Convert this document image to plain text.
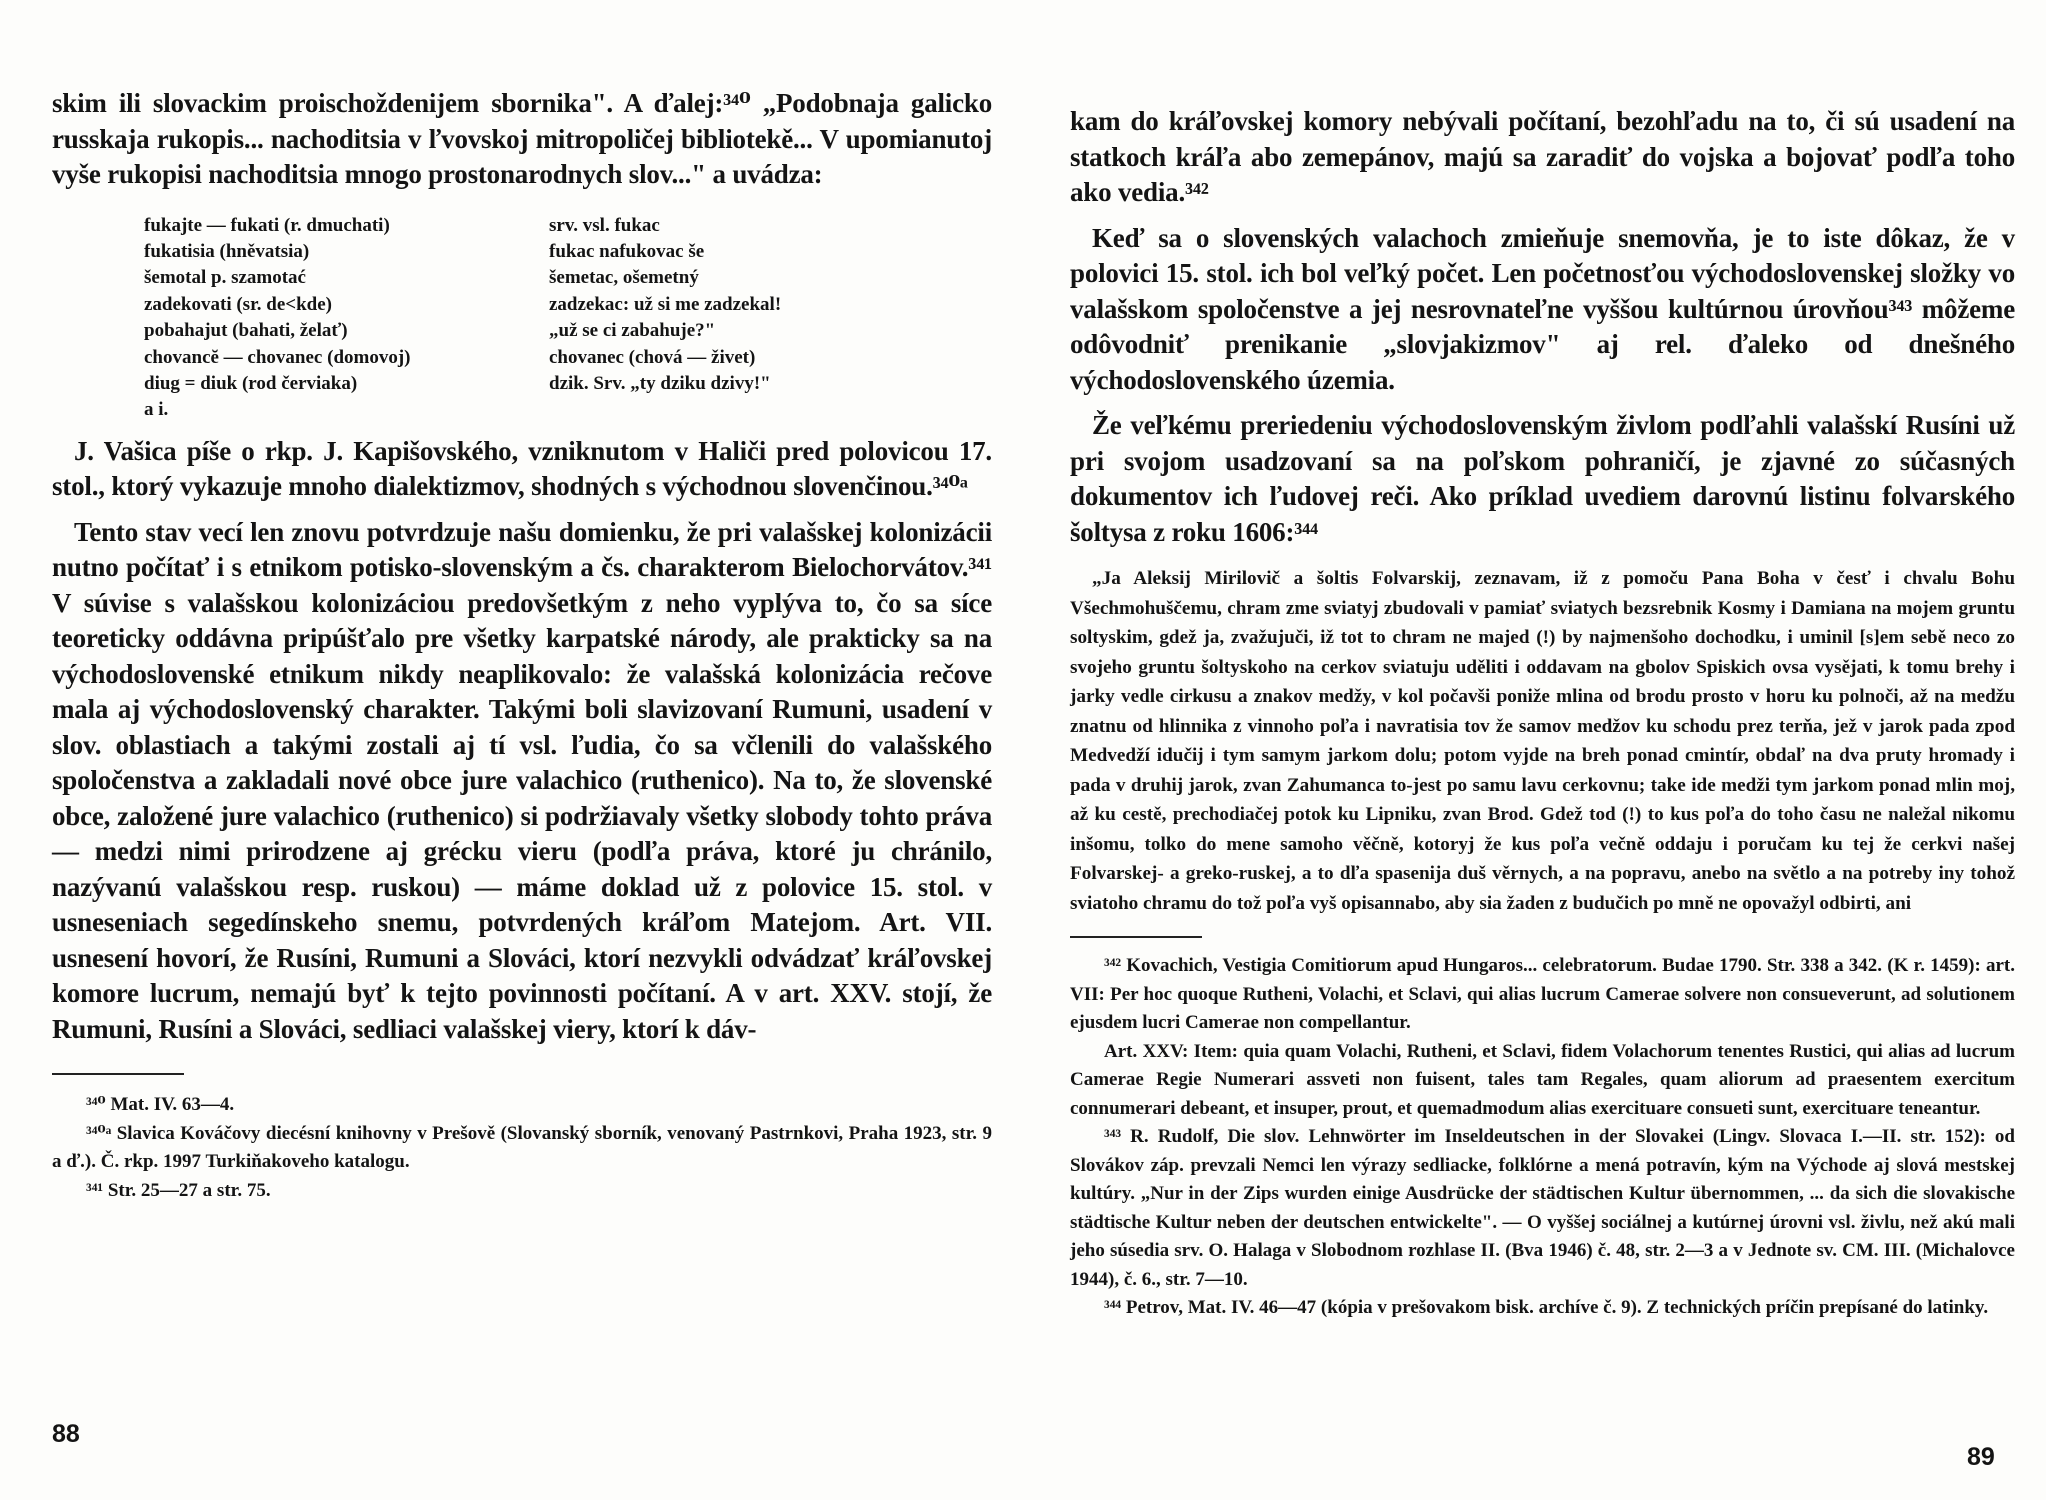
skim ili slovackim proischoždenijem sbornika". A ďalej:³⁴⁰ „Podobnaja galicko russkaja rukopis... nachoditsia v ľvovskoj mitropoličej bibliotekě... V upomianutoj vyše rukopisi nachoditsia mnogo prostonarodnych slov..." a uvádza:

fukajte — fukati (r. dmuchati)	srv. vsl. fukac
fukatisia (hněvatsia)	fukac nafukovac še
šemotal p. szamotać	šemetac, ošemetný
zadekovati (sr. de<kde)	zadzekac: už si me zadzekal!
pobahajut (bahati, želať)	„už se ci zabahuje?"
chovancĕ — chovanec (domovoj)	chovanec (chová — živet)
diug = diuk (rod červiaka)	dzik. Srv. „ty dziku dzivy!"
a i.

J. Vašica píše o rkp. J. Kapišovského, vzniknutom v Haliči pred polovicou 17. stol., ktorý vykazuje mnoho dialektizmov, shodných s východnou slovenčinou.³⁴⁰ᵃ

Tento stav vecí len znovu potvrdzuje našu domienku, že pri valašskej kolonizácii nutno počítať i s etnikom potisko-slovenským a čs. charakterom Bielochorvátov.³⁴¹ V súvise s valašskou kolonizáciou predovšetkým z neho vyplýva to, čo sa síce teoreticky oddávna pripúšťalo pre všetky karpatské národy, ale prakticky sa na východoslovenské etnikum nikdy neaplikovalo: že valašská kolonizácia rečove mala aj východoslovenský charakter. Takými boli slavizovaní Rumuni, usadení v slov. oblastiach a takými zostali aj tí vsl. ľudia, čo sa včlenili do valašského spoločenstva a zakladali nové obce jure valachico (ruthenico). Na to, že slovenské obce, založené jure valachico (ruthenico) si podržiavaly všetky slobody tohto práva — medzi nimi prirodzene aj grécku vieru (podľa práva, ktoré ju chránilo, nazývanú valašskou resp. ruskou) — máme doklad už z polovice 15. stol. v usneseniach segedínskeho snemu, potvrdených kráľom Matejom. Art. VII. usnesení hovorí, že Rusíni, Rumuni a Slováci, ktorí nezvykli odvádzať kráľovskej komore lucrum, nemajú byť k tejto povinnosti počítaní. A v art. XXV. stojí, že Rumuni, Rusíni a Slováci, sedliaci valašskej viery, ktorí k dáv-

³⁴⁰ Mat. IV. 63—4.

³⁴⁰ᵃ Slavica Kováčovy diecésní knihovny v Prešově (Slovanský sborník, venovaný Pastrnkovi, Praha 1923, str. 9 a ď.). Č. rkp. 1997 Turkiňakoveho katalogu.

³⁴¹ Str. 25—27 a str. 75.

88

kam do kráľovskej komory nebývali počítaní, bezohľadu na to, či sú usadení na statkoch kráľa abo zemepánov, majú sa zaradiť do vojska a bojovať podľa toho ako vedia.³⁴²

Keď sa o slovenských valachoch zmieňuje snemovňa, je to iste dôkaz, že v polovici 15. stol. ich bol veľký počet. Len početnosťou východoslovenskej složky vo valašskom spoločenstve a jej nesrovnateľne vyššou kultúrnou úrovňou³⁴³ môžeme odôvodniť prenikanie „slovjakizmov" aj rel. ďaleko od dnešného východoslovenského územia.

Že veľkému preriedeniu východoslovenským živlom podľahli valašskí Rusíni už pri svojom usadzovaní sa na poľskom pohraničí, je zjavné zo súčasných dokumentov ich ľudovej reči. Ako príklad uvediem darovnú listinu folvarského šoltysa z roku 1606:³⁴⁴

„Ja Aleksij Mirilovič a šoltis Folvarskij, zeznavam, iž z pomoču Pana Boha v česť i chvalu Bohu Všechmohuščemu, chram zme sviatyj zbudovali v pamiať sviatych bezsrebnik Kosmy i Damiana na mojem gruntu soltyskim, gdež ja, zvažujuči, iž tot to chram ne majed (!) by najmenšoho dochodku, i uminil [s]em sebě neco zo svojeho gruntu šoltyskoho na cerkov sviatuju uděliti i oddavam na gbolov Spiskich ovsa vysějati, k tomu brehy i jarky vedle cirkusu a znakov medžy, v kol počavši poniže mlina od brodu prosto v horu ku polnoči, až na medžu znatnu od hlinnika z vinnoho poľa i navratisia tov že samov medžov ku schodu prez terňa, jež v jarok pada zpod Medvedží idučij i tym samym jarkom dolu; potom vyjde na breh ponad cmintír, obdaľ na dva pruty hromady i pada v druhij jarok, zvan Zahumanca to-jest po samu lavu cerkovnu; take ide medži tym jarkom ponad mlin moj, až ku cestě, prechodiačej potok ku Lipniku, zvan Brod. Gdež tod (!) to kus poľa do toho času ne naležal nikomu inšomu, tolko do mene samoho věčně, kotoryj že kus poľa večně oddaju i poručam ku tej že cerkvi našej Folvarskej- a greko-ruskej, a to dľa spasenija duš věrnych, a na popravu, anebo na světlo a na potreby iny tohož sviatoho chramu do tož poľa vyš opisannabo, aby sia žaden z budučich po mně ne opovažyl odbirti, ani

³⁴² Kovachich, Vestigia Comitiorum apud Hungaros... celebratorum. Budae 1790. Str. 338 a 342. (K r. 1459): art. VII: Per hoc quoque Rutheni, Volachi, et Sclavi, qui alias lucrum Camerae solvere non consueverunt, ad solutionem ejusdem lucri Camerae non compellantur.

Art. XXV: Item: quia quam Volachi, Rutheni, et Sclavi, fidem Volachorum tenentes Rustici, qui alias ad lucrum Camerae Regie Numerari assveti non fuisent, tales tam Regales, quam aliorum ad praesentem exercitum connumerari debeant, et insuper, prout, et quemadmodum alias exercituare consueti sunt, exercituare teneantur.

³⁴³ R. Rudolf, Die slov. Lehnwörter im Inseldeutschen in der Slovakei (Lingv. Slovaca I.—II. str. 152): od Slovákov záp. prevzali Nemci len výrazy sedliacke, folklórne a mená potravín, kým na Východe aj slová mestskej kultúry. „Nur in der Zips wurden einige Ausdrücke der städtischen Kultur übernommen, ... da sich die slovakische städtische Kultur neben der deutschen entwickelte". — O vyššej sociálnej a kutúrnej úrovni vsl. živlu, než akú mali jeho súsedia srv. O. Halaga v Slobodnom rozhlase II. (Bva 1946) č. 48, str. 2—3 a v Jednote sv. CM. III. (Michalovce 1944), č. 6., str. 7—10.

³⁴⁴ Petrov, Mat. IV. 46—47 (kópia v prešovakom bisk. archíve č. 9). Z technických príčin prepísané do latinky.

89
